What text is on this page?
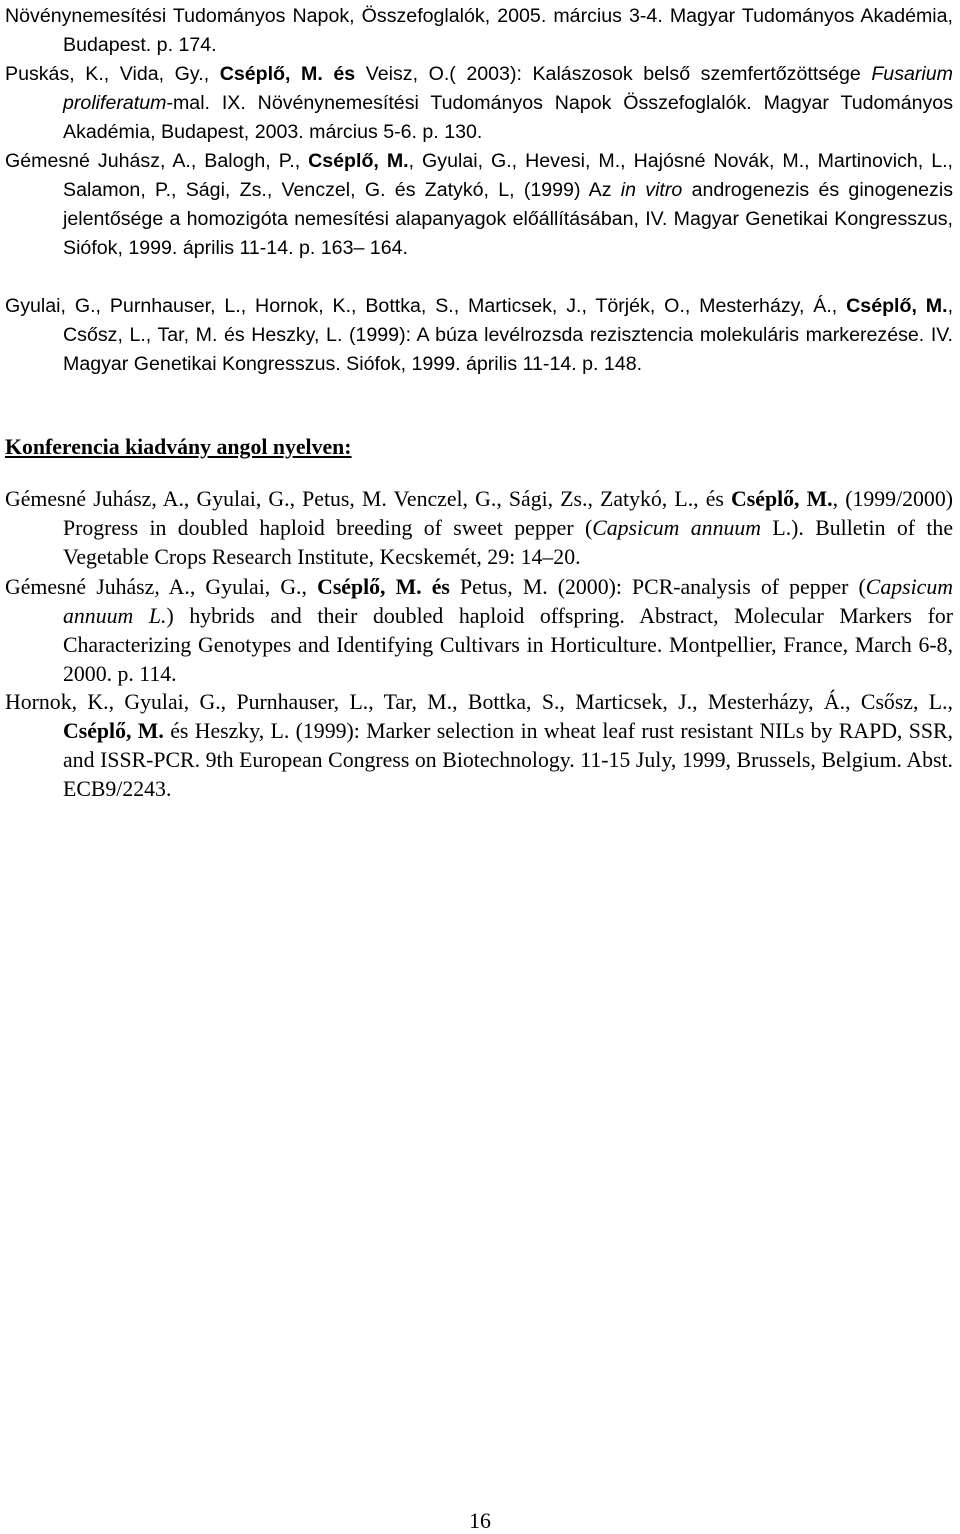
Növénynemesítési Tudományos Napok, Összefoglalók, 2005. március 3-4. Magyar Tudományos Akadémia, Budapest. p. 174.
Puskás, K., Vida, Gy., Cséplő, M. és Veisz, O.( 2003): Kalászosok belső szemfertőzöttsége Fusarium proliferatum-mal. IX. Növénynemesítési Tudományos Napok Összefoglalók. Magyar Tudományos Akadémia, Budapest, 2003. március 5-6. p. 130.
Gémesné Juhász, A., Balogh, P., Cséplő, M., Gyulai, G., Hevesi, M., Hajósné Novák, M., Martinovich, L., Salamon, P., Sági, Zs., Venczel, G. és Zatykó, L, (1999) Az in vitro androgenezis és ginogenezis jelentősége a homozigóta nemesítési alapanyagok előállításában, IV. Magyar Genetikai Kongresszus, Siófok, 1999. április 11-14. p. 163– 164.
Gyulai, G., Purnhauser, L., Hornok, K., Bottka, S., Marticsek, J., Törjék, O., Mesterházy, Á., Cséplő, M., Csősz, L., Tar, M. és Heszky, L. (1999): A búza levélrozsda rezisztencia molekuláris markerezése. IV. Magyar Genetikai Kongresszus. Siófok, 1999. április 11-14. p. 148.
Konferencia kiadvány angol nyelven:
Gémesné Juhász, A., Gyulai, G., Petus, M. Venczel, G., Sági, Zs., Zatykó, L., és Cséplő, M., (1999/2000) Progress in doubled haploid breeding of sweet pepper (Capsicum annuum L.). Bulletin of the Vegetable Crops Research Institute, Kecskemét, 29: 14–20.
Gémesné Juhász, A., Gyulai, G., Cséplő, M. és Petus, M. (2000): PCR-analysis of pepper (Capsicum annuum L.) hybrids and their doubled haploid offspring. Abstract, Molecular Markers for Characterizing Genotypes and Identifying Cultivars in Horticulture. Montpellier, France, March 6-8, 2000. p. 114.
Hornok, K., Gyulai, G., Purnhauser, L., Tar, M., Bottka, S., Marticsek, J., Mesterházy, Á., Csősz, L., Cséplő, M. és Heszky, L. (1999): Marker selection in wheat leaf rust resistant NILs by RAPD, SSR, and ISSR-PCR. 9th European Congress on Biotechnology. 11-15 July, 1999, Brussels, Belgium. Abst. ECB9/2243.
16
